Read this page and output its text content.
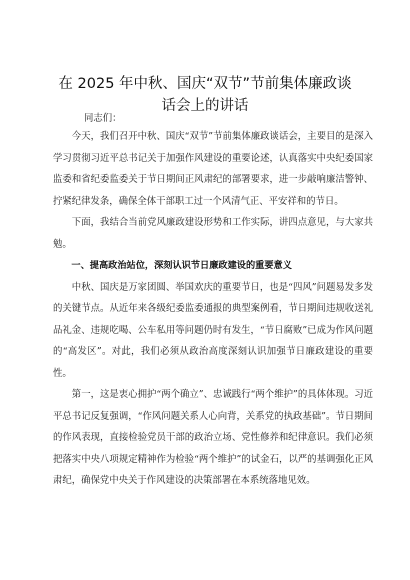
在 2025 年中秋、国庆“双节”节前集体廉政谈
话会上的讲话
同志们：

今天，我们召开中秋、国庆“双节”节前集体廉政谈话会，主要目的是深入学习贯彻习近平总书记关于加强作风建设的重要论述，认真落实中央纪委国家监委和省纪委监委关于节日期间正风肃纪的部署要求，进一步敲响廉洁警钟、拧紧纪律发条，确保全体干部职工过一个风清气正、平安祥和的节日。

下面，我结合当前党风廉政建设形势和工作实际，讲四点意见，与大家共勉。

一、提高政治站位，深刻认识节日廉政建设的重要意义

中秋、国庆是万家团圆、举国欢庆的重要节日，也是“四风”问题易发多发的关键节点。从近年来各级纪委监委通报的典型案例看，节日期间违规收送礼品礼金、违规吃喝、公车私用等问题仍时有发生，“节日腐败”已成为作风问题的“高发区”。对此，我们必须从政治高度深刻认识加强节日廉政建设的重要性。

第一，这是衷心拥护“两个确立”、忠诚践行“两个维护”的具体体现。习近平总书记反复强调，“作风问题关系人心向背，关系党的执政基础”。节日期间的作风表现，直接检验党员干部的政治立场、党性修养和纪律意识。我们必须把落实中央八项规定精神作为检验“两个维护”的试金石，以严的基调强化正风肃纪，确保党中央关于作风建设的决策部署在本系统落地见效。
